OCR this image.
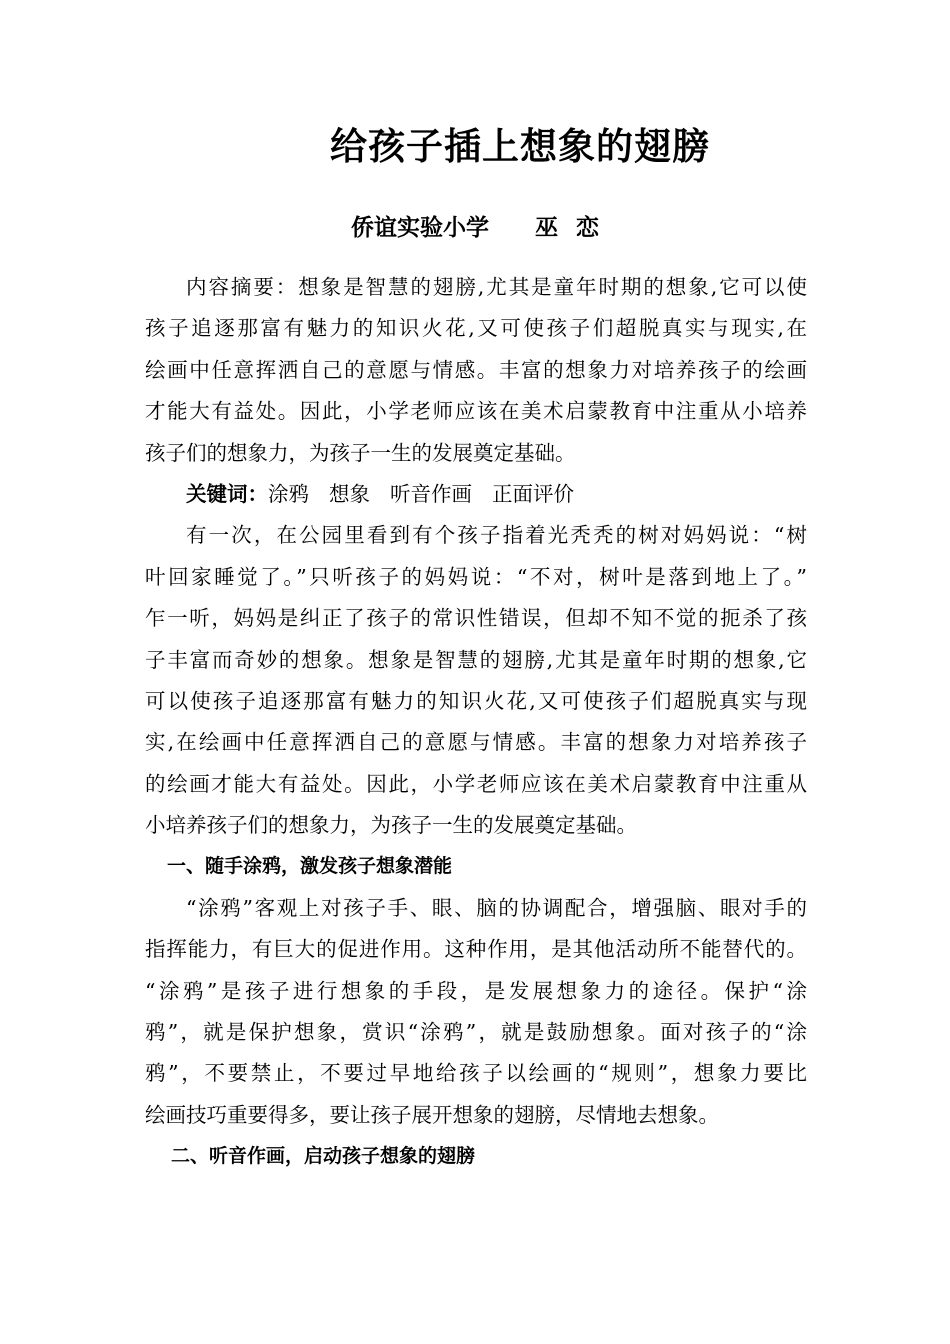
给孩子插上想象的翅膀
侨谊实验小学 巫 恋
内容摘要：想象是智慧的翅膀,尤其是童年时期的想象,它可以使
孩子追逐那富有魅力的知识火花,又可使孩子们超脱真实与现实,在
绘画中任意挥洒自己的意愿与情感。丰富的想象力对培养孩子的绘画
才能大有益处。因此，小学老师应该在美术启蒙教育中注重从小培养
孩子们的想象力，为孩子一生的发展奠定基础。
关键词：涂鸦 想象 听音作画 正面评价
有一次，在公园里看到有个孩子指着光秃秃的树对妈妈说：“树
叶回家睡觉了。”只听孩子的妈妈说：“不对，树叶是落到地上了。”
乍一听，妈妈是纠正了孩子的常识性错误，但却不知不觉的扼杀了孩
子丰富而奇妙的想象。想象是智慧的翅膀,尤其是童年时期的想象,它
可以使孩子追逐那富有魅力的知识火花,又可使孩子们超脱真实与现
实,在绘画中任意挥洒自己的意愿与情感。丰富的想象力对培养孩子
的绘画才能大有益处。因此，小学老师应该在美术启蒙教育中注重从
小培养孩子们的想象力，为孩子一生的发展奠定基础。
一、随手涂鸦，激发孩子想象潜能
“涂鸦”客观上对孩子手、眼、脑的协调配合，增强脑、眼对手的
指挥能力，有巨大的促进作用。这种作用，是其他活动所不能替代的。
“涂鸦”是孩子进行想象的手段，是发展想象力的途径。保护“涂
鸦”，就是保护想象，赏识“涂鸦”，就是鼓励想象。面对孩子的“涂
鸦”，不要禁止，不要过早地给孩子以绘画的“规则”，想象力要比
绘画技巧重要得多，要让孩子展开想象的翅膀，尽情地去想象。
二、听音作画，启动孩子想象的翅膀
